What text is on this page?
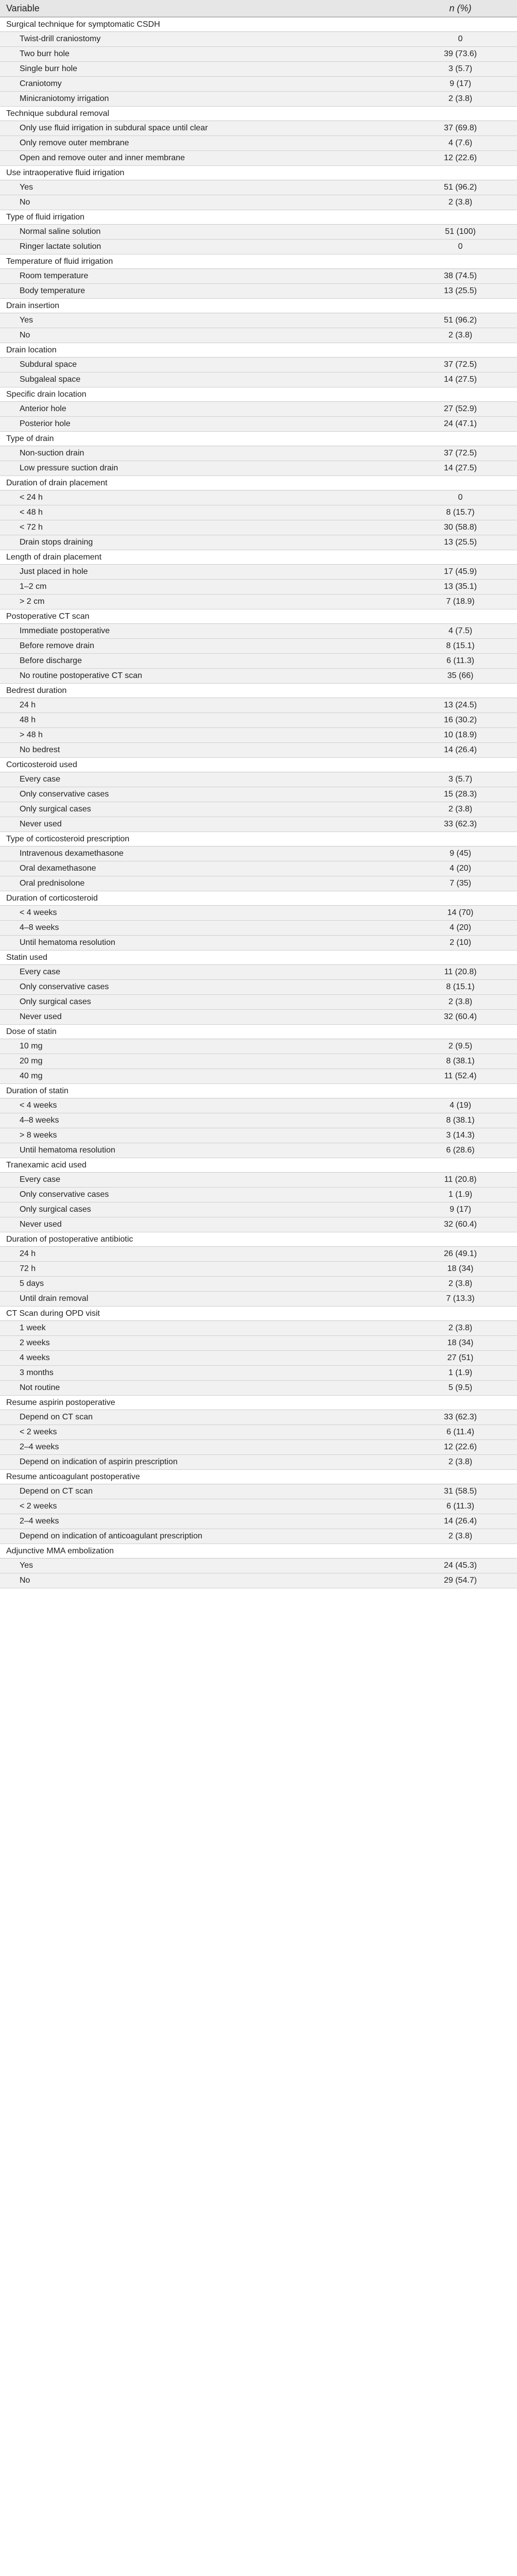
Variable	n (%)
Surgical technique for symptomatic CSDH
Twist-drill craniostomy	0
Two burr hole	39 (73.6)
Single burr hole	3 (5.7)
Craniotomy	9 (17)
Minicraniotomy irrigation	2 (3.8)
Technique subdural removal
Only use fluid irrigation in subdural space until clear	37 (69.8)
Only remove outer membrane	4 (7.6)
Open and remove outer and inner membrane	12 (22.6)
Use intraoperative fluid irrigation
Yes	51 (96.2)
No	2 (3.8)
Type of fluid irrigation
Normal saline solution	51 (100)
Ringer lactate solution	0
Temperature of fluid irrigation
Room temperature	38 (74.5)
Body temperature	13 (25.5)
Drain insertion
Yes	51 (96.2)
No	2 (3.8)
Drain location
Subdural space	37 (72.5)
Subgaleal space	14 (27.5)
Specific drain location
Anterior hole	27 (52.9)
Posterior hole	24 (47.1)
Type of drain
Non-suction drain	37 (72.5)
Low pressure suction drain	14 (27.5)
Duration of drain placement
< 24 h	0
< 48 h	8 (15.7)
< 72 h	30 (58.8)
Drain stops draining	13 (25.5)
Length of drain placement
Just placed in hole	17 (45.9)
1–2 cm	13 (35.1)
> 2 cm	7 (18.9)
Postoperative CT scan
Immediate postoperative	4 (7.5)
Before remove drain	8 (15.1)
Before discharge	6 (11.3)
No routine postoperative CT scan	35 (66)
Bedrest duration
24 h	13 (24.5)
48 h	16 (30.2)
> 48 h	10 (18.9)
No bedrest	14 (26.4)
Corticosteroid used
Every case	3 (5.7)
Only conservative cases	15 (28.3)
Only surgical cases	2 (3.8)
Never used	33 (62.3)
Type of corticosteroid prescription
Intravenous dexamethasone	9 (45)
Oral dexamethasone	4 (20)
Oral prednisolone	7 (35)
Duration of corticosteroid
< 4 weeks	14 (70)
4–8 weeks	4 (20)
Until hematoma resolution	2 (10)
Statin used
Every case	11 (20.8)
Only conservative cases	8 (15.1)
Only surgical cases	2 (3.8)
Never used	32 (60.4)
Dose of statin
10 mg	2 (9.5)
20 mg	8 (38.1)
40 mg	11 (52.4)
Duration of statin
< 4 weeks	4 (19)
4–8 weeks	8 (38.1)
> 8 weeks	3 (14.3)
Until hematoma resolution	6 (28.6)
Tranexamic acid used
Every case	11 (20.8)
Only conservative cases	1 (1.9)
Only surgical cases	9 (17)
Never used	32 (60.4)
Duration of postoperative antibiotic
24 h	26 (49.1)
72 h	18 (34)
5 days	2 (3.8)
Until drain removal	7 (13.3)
CT Scan during OPD visit
1 week	2 (3.8)
2 weeks	18 (34)
4 weeks	27 (51)
3 months	1 (1.9)
Not routine	5 (9.5)
Resume aspirin postoperative
Depend on CT scan	33 (62.3)
< 2 weeks	6 (11.4)
2–4 weeks	12 (22.6)
Depend on indication of aspirin prescription	2 (3.8)
Resume anticoagulant postoperative
Depend on CT scan	31 (58.5)
< 2 weeks	6 (11.3)
2–4 weeks	14 (26.4)
Depend on indication of anticoagulant prescription	2 (3.8)
Adjunctive MMA embolization
Yes	24 (45.3)
No	29 (54.7)
